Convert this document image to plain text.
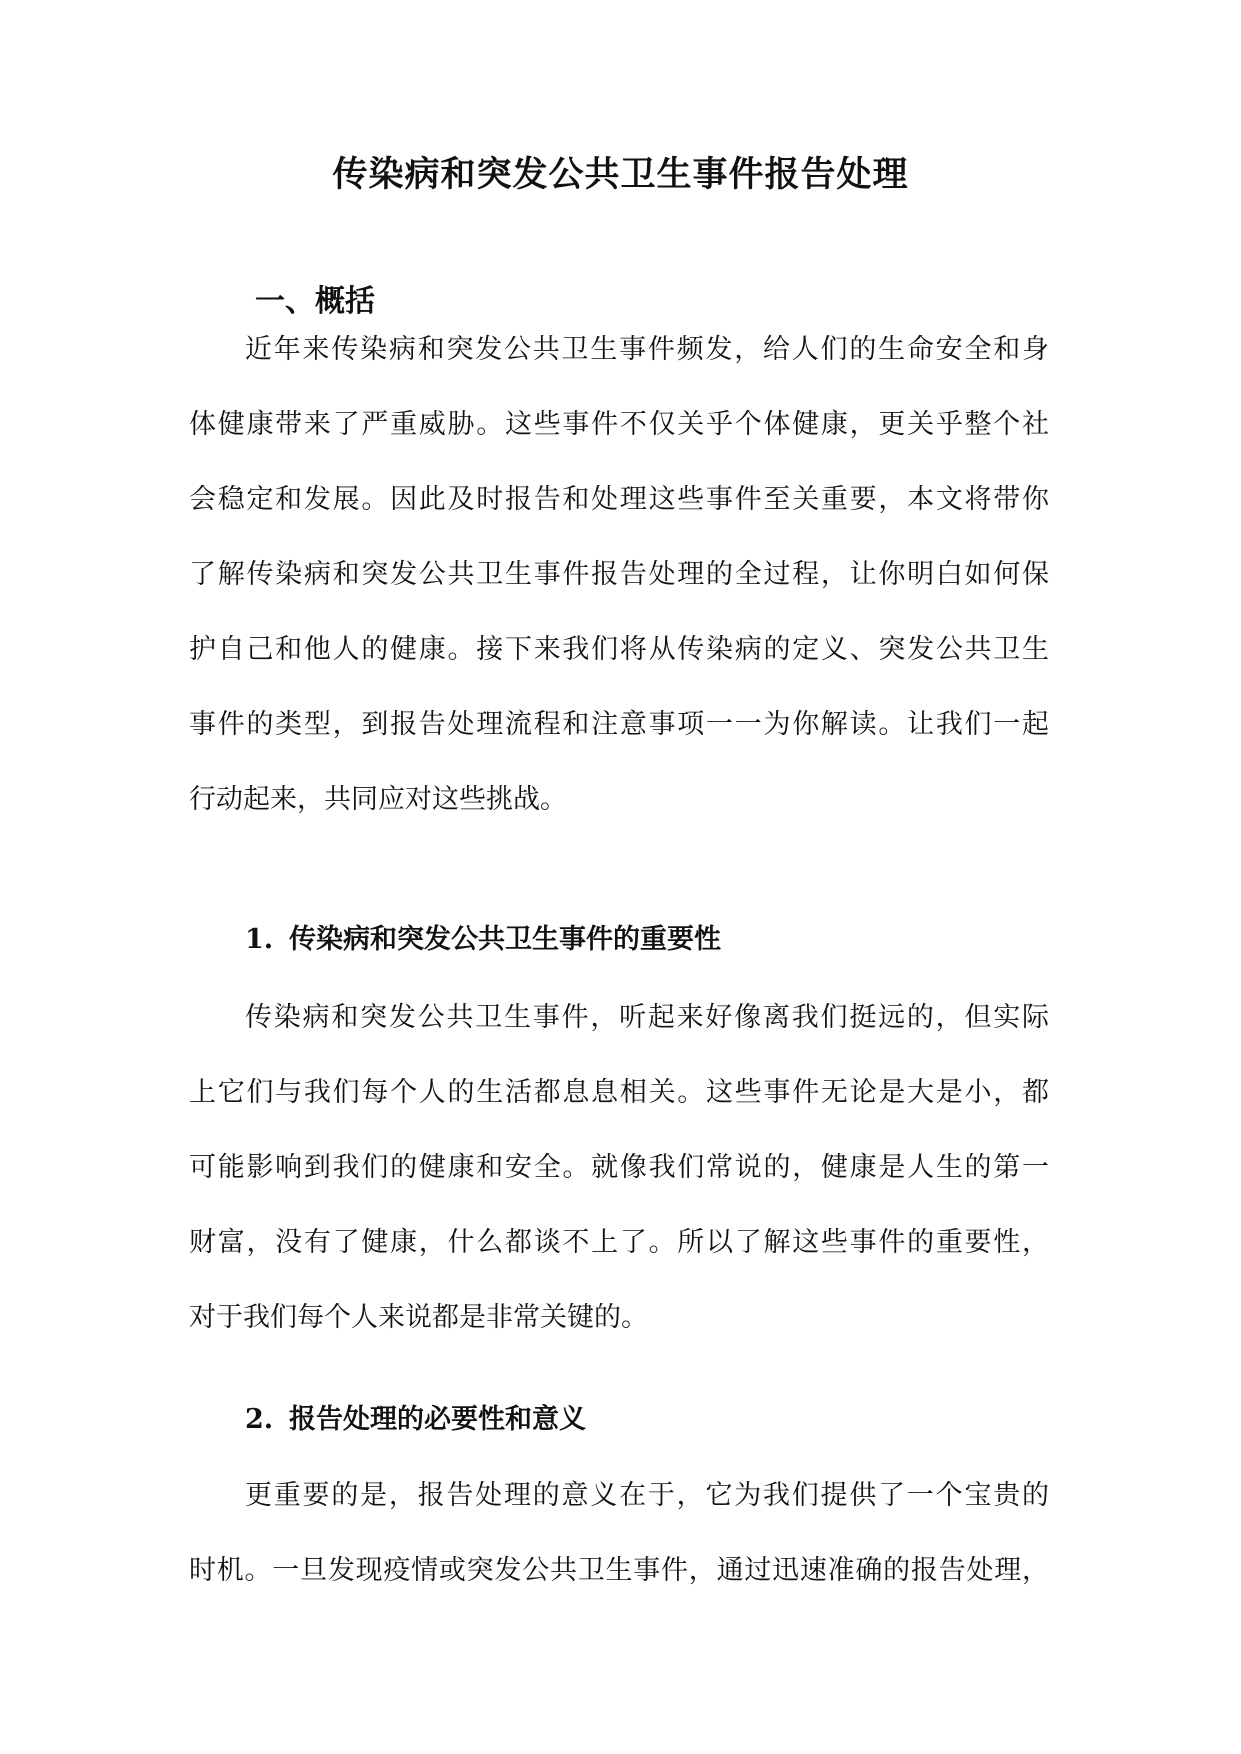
传染病和突发公共卫生事件报告处理
一、概括
近年来传染病和突发公共卫生事件频发，给人们的生命安全和身
体健康带来了严重威胁。这些事件不仅关乎个体健康，更关乎整个社
会稳定和发展。因此及时报告和处理这些事件至关重要，本文将带你
了解传染病和突发公共卫生事件报告处理的全过程，让你明白如何保
护自己和他人的健康。接下来我们将从传染病的定义、突发公共卫生
事件的类型，到报告处理流程和注意事项一一为你解读。让我们一起
行动起来，共同应对这些挑战。
1. 传染病和突发公共卫生事件的重要性
传染病和突发公共卫生事件，听起来好像离我们挺远的，但实际
上它们与我们每个人的生活都息息相关。这些事件无论是大是小，都
可能影响到我们的健康和安全。就像我们常说的，健康是人生的第一
财富，没有了健康，什么都谈不上了。所以了解这些事件的重要性，
对于我们每个人来说都是非常关键的。
2. 报告处理的必要性和意义
更重要的是，报告处理的意义在于，它为我们提供了一个宝贵的
时机。一旦发现疫情或突发公共卫生事件，通过迅速准确的报告处理，
